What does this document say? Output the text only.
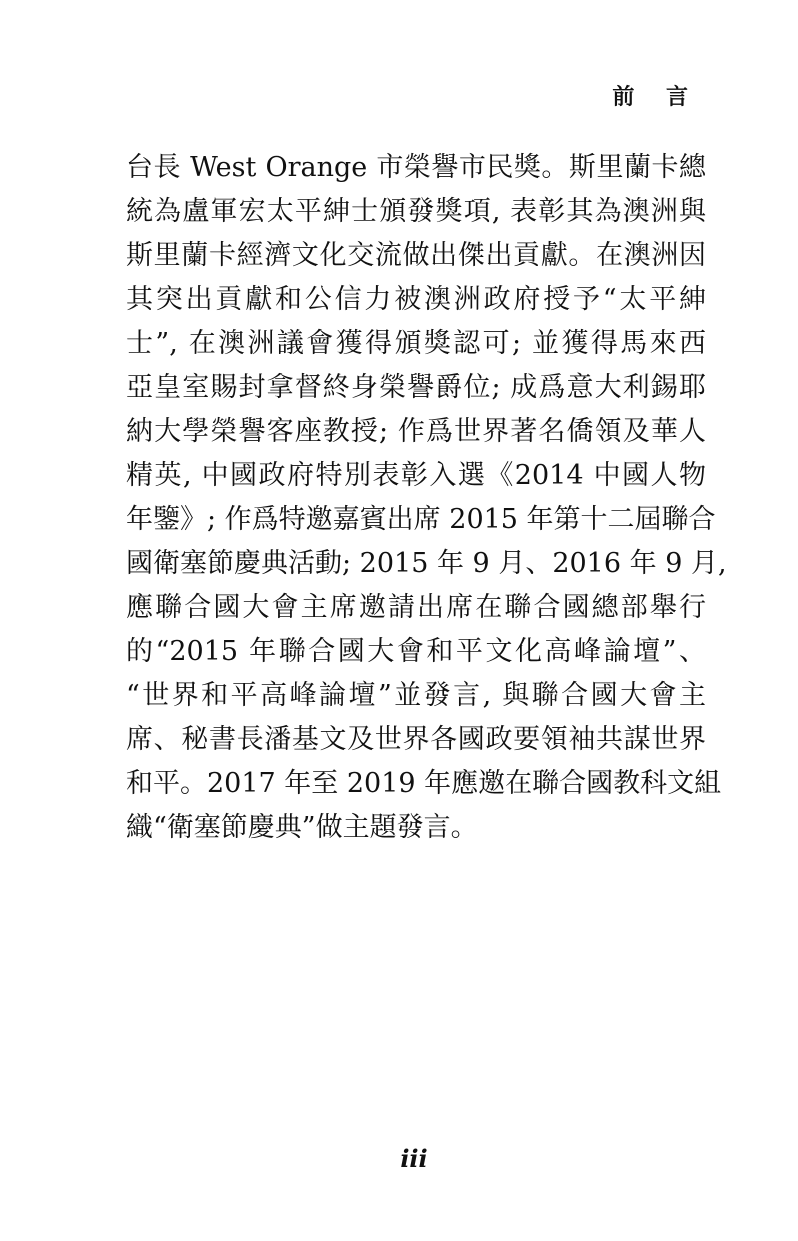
前 言
台長 West Orange 市榮譽市民獎。斯里蘭卡總
統為盧軍宏太平紳士頒發獎項, 表彰其為澳洲與
斯里蘭卡經濟文化交流做出傑出貢獻。在澳洲因
其突出貢獻和公信力被澳洲政府授予“太平紳
士”, 在澳洲議會獲得頒獎認可; 並獲得馬來西
亞皇室賜封拿督終身榮譽爵位; 成爲意大利錫耶
納大學榮譽客座教授; 作爲世界著名僑領及華人
精英, 中國政府特別表彰入選《2014 中國人物
年鑒》; 作爲特邀嘉賓出席 2015 年第十二屆聯合
國衛塞節慶典活動; 2015 年 9 月、2016 年 9 月,
應聯合國大會主席邀請出席在聯合國總部舉行
的“2015 年聯合國大會和平文化高峰論壇”、
“世界和平高峰論壇”並發言, 與聯合國大會主
席、秘書長潘基文及世界各國政要領袖共謀世界
和平。2017 年至 2019 年應邀在聯合國教科文組
織“衛塞節慶典”做主題發言。
iii
